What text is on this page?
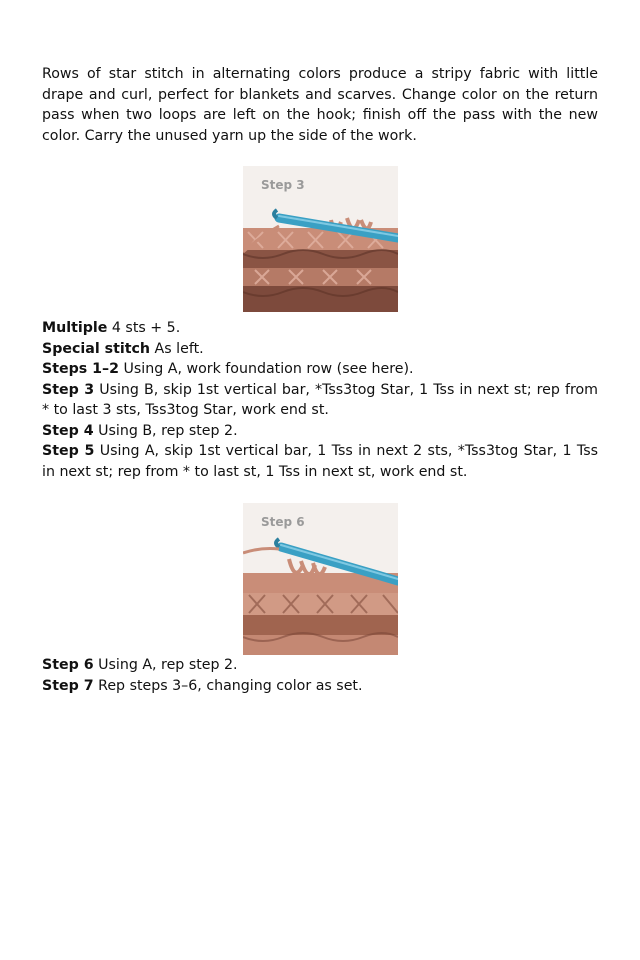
Rows of star stitch in alternating colors produce a stripy fabric with little drape and curl, perfect for blankets and scarves. Change color on the return pass when two loops are left on the hook; finish off the pass with the new color. Carry the unused yarn up the side of the work.

Step 3
Multiple 4 sts + 5.
Special stitch As left.
Steps 1–2 Using A, work foundation row (see here).
Step 3 Using B, skip 1st vertical bar, *Tss3tog Star, 1 Tss in next st; rep from * to last 3 sts, Tss3tog Star, work end st.
Step 4 Using B, rep step 2.
Step 5 Using A, skip 1st vertical bar, 1 Tss in next 2 sts, *Tss3tog Star, 1 Tss in next st; rep from * to last st, 1 Tss in next st, work end st.
Step 6
Step 6 Using A, rep step 2.
Step 7 Rep steps 3–6, changing color as set.
